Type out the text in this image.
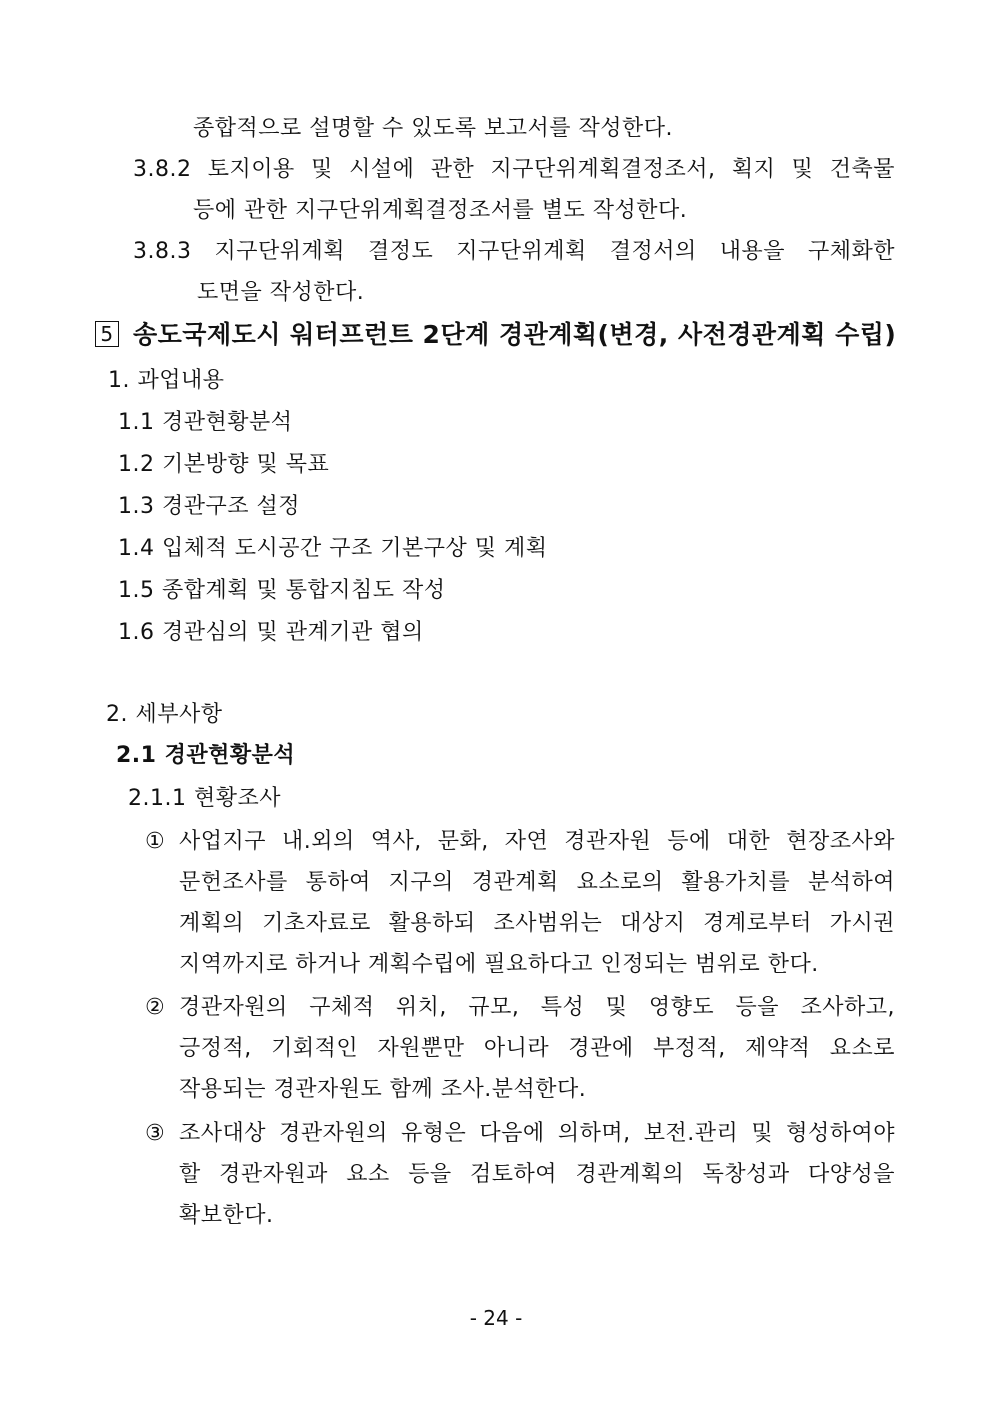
종합적으로 설명할 수 있도록 보고서를 작성한다.
3.8.2 토지이용 및 시설에 관한 지구단위계획결정조서, 획지 및 건축물
등에 관한 지구단위계획결정조서를 별도 작성한다.
3.8.3 지구단위계획 결정도 지구단위계획 결정서의 내용을 구체화한
도면을 작성한다.
5 송도국제도시 워터프런트 2단계 경관계획(변경, 사전경관계획 수립)
1. 과업내용
1.1 경관현황분석
1.2 기본방향 및 목표
1.3 경관구조 설정
1.4 입체적 도시공간 구조 기본구상 및 계획
1.5 종합계획 및 통합지침도 작성
1.6 경관심의 및 관계기관 협의
2. 세부사항
2.1 경관현황분석
2.1.1 현황조사
① 사업지구 내.외의 역사, 문화, 자연 경관자원 등에 대한 현장조사와
문헌조사를 통하여 지구의 경관계획 요소로의 활용가치를 분석하여
계획의 기초자료로 활용하되 조사범위는 대상지 경계로부터 가시권
지역까지로 하거나 계획수립에 필요하다고 인정되는 범위로 한다.
② 경관자원의 구체적 위치, 규모, 특성 및 영향도 등을 조사하고,
긍정적, 기회적인 자원뿐만 아니라 경관에 부정적, 제약적 요소로
작용되는 경관자원도 함께 조사.분석한다.
③ 조사대상 경관자원의 유형은 다음에 의하며, 보전.관리 및 형성하여야
할 경관자원과 요소 등을 검토하여 경관계획의 독창성과 다양성을
확보한다.
- 24 -
